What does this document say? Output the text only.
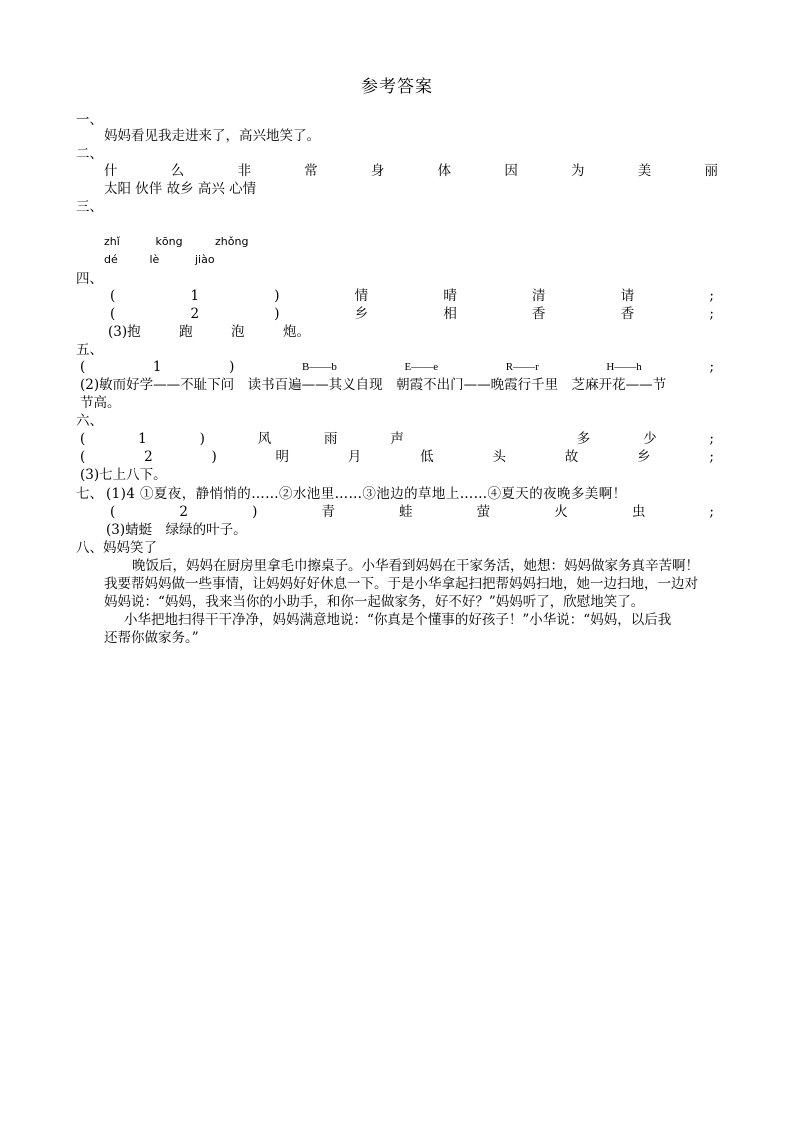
参考答案
一、
妈妈看见我走进来了，高兴地笑了。
二、
什	么	非	常	身	体	因	为	美	丽
太阳 伙伴 故乡 高兴 心情
三、
zhǐ	kōng	zhǒng
dé	lè	jiào
四、
(	1	)	情	晴	清	请	;
(	2	)	乡	相	香	香	;
(3)抱	跑	泡	炮。
五、
(	1	)	B——b	E——e	R——r	H——h	;
(2)敏而好学——不耻下问　读书百遍——其义自现　朝霞不出门——晚霞行千里　芝麻开花——节
节高。
六、
(	1	)	风	雨	声	多	少	;
(	2	)	明	月	低	头	故	乡	;
(3)七上八下。
七、 (1)4 ①夏夜，静悄悄的……②水池里……③池边的草地上……④夏天的夜晚多美啊！
(	2	)	青	蛙	萤	火	虫	;
(3)蜻蜓　绿绿的叶子。
八、妈妈笑了
晚饭后，妈妈在厨房里拿毛巾擦桌子。小华看到妈妈在干家务活，她想：妈妈做家务真辛苦啊！
我要帮妈妈做一些事情，让妈妈好好休息一下。于是小华拿起扫把帮妈妈扫地，她一边扫地，一边对
妈妈说：“妈妈，我来当你的小助手，和你一起做家务，好不好？”妈妈听了，欣慰地笑了。
小华把地扫得干干净净，妈妈满意地说：“你真是个懂事的好孩子！”小华说：“妈妈，以后我
还帮你做家务。”
